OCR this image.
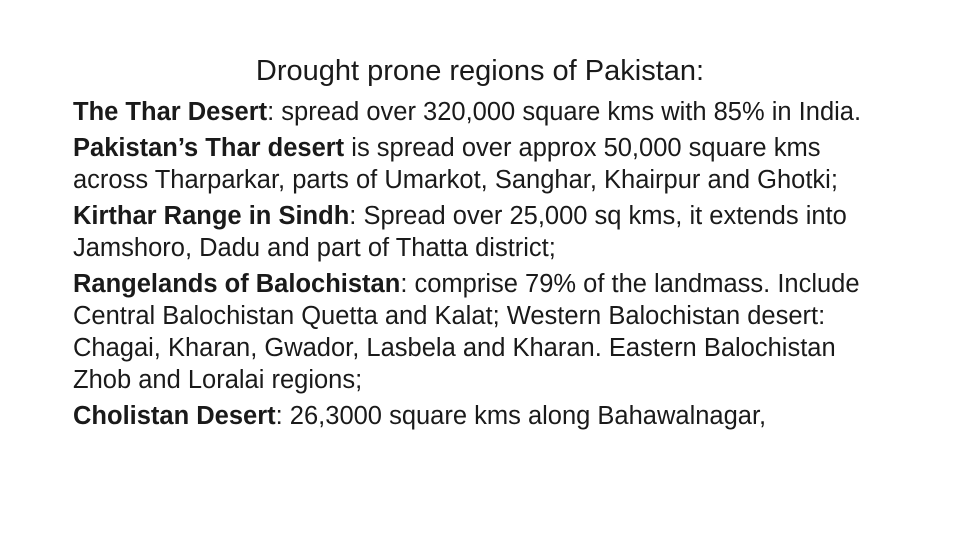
Drought prone regions of Pakistan:

The Thar Desert: spread over 320,000 square kms with 85% in India.

Pakistan’s Thar desert is spread over approx 50,000 square kms across Tharparkar, parts of Umarkot, Sanghar, Khairpur and Ghotki;

Kirthar Range in Sindh: Spread over 25,000 sq kms, it extends into Jamshoro, Dadu and part of Thatta district;

Rangelands of Balochistan: comprise 79% of the landmass. Include Central Balochistan Quetta and Kalat; Western Balochistan desert: Chagai, Kharan, Gwador, Lasbela and Kharan. Eastern Balochistan Zhob and Loralai regions;

Cholistan Desert: 26,3000 square kms along Bahawalnagar,
